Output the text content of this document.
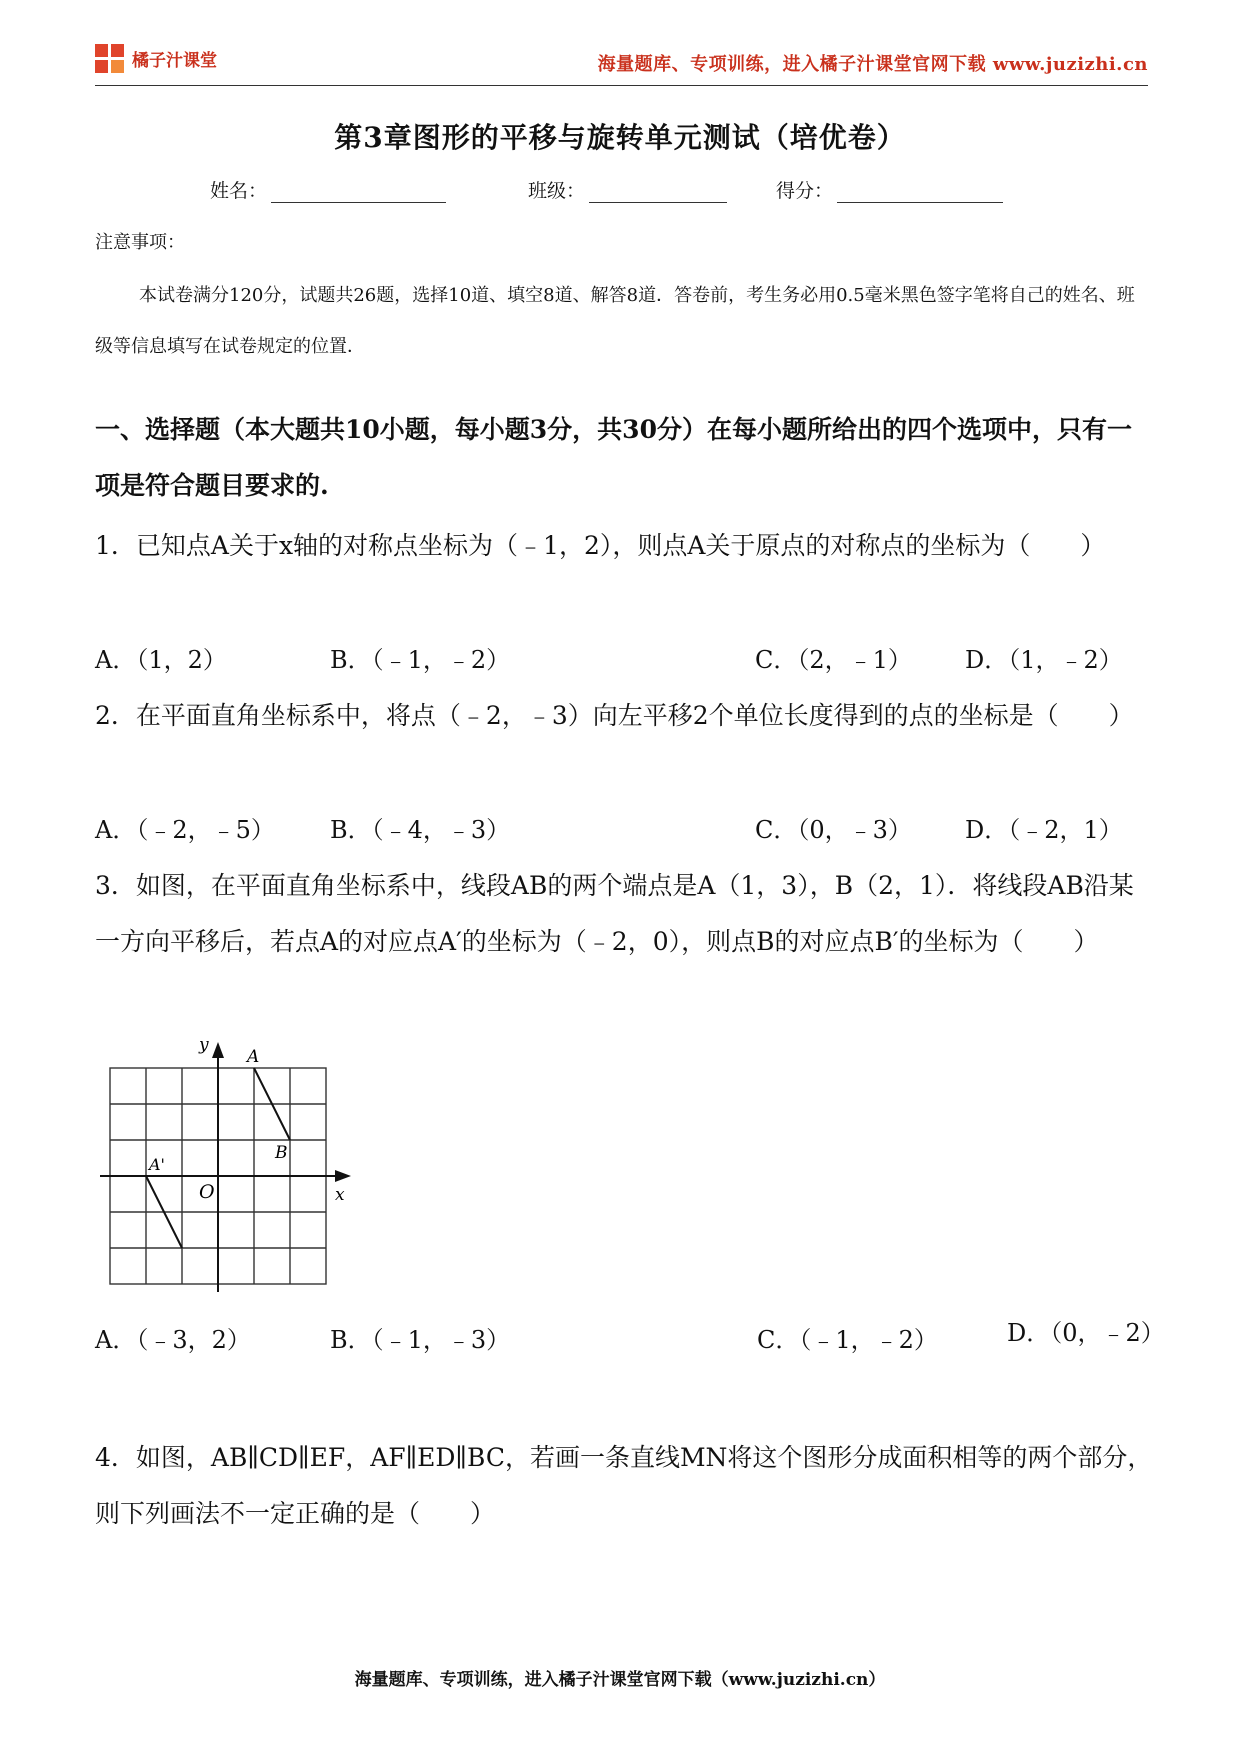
橘子汁课堂	海量题库、专项训练，进入橘子汁课堂官网下载 www.juzizhi.cn
第3章图形的平移与旋转单元测试（培优卷）
姓名：	班级：	得分：
注意事项：
本试卷满分120分，试题共26题，选择10道、填空8道、解答8道．答卷前，考生务必用0.5毫米黑色签字笔将自己的姓名、班级等信息填写在试卷规定的位置．
一、选择题（本大题共10小题，每小题3分，共30分）在每小题所给出的四个选项中，只有一项是符合题目要求的.
1．已知点A关于x轴的对称点坐标为（﹣1，2），则点A关于原点的对称点的坐标为（　　）
A．（1，2）	B．（﹣1，﹣2）	C．（2，﹣1） D．（1，﹣2）
2．在平面直角坐标系中，将点（﹣2，﹣3）向左平移2个单位长度得到的点的坐标是（　　）
A．（﹣2，﹣5） B．（﹣4，﹣3）	C．（0，﹣3） D．（﹣2，1）
3．如图，在平面直角坐标系中，线段AB的两个端点是A（1，3），B（2，1）．将线段AB沿某一方向平移后，若点A的对应点A′的坐标为（﹣2，0），则点B的对应点B′的坐标为（　　）
y
x
O
A
B
A'
A．（﹣3，2）	B．（﹣1，﹣3）	C．（﹣1，﹣2）	D．（0，﹣2）
4．如图，AB∥CD∥EF，AF∥ED∥BC，若画一条直线MN将这个图形分成面积相等的两个部分，则下列画法不一定正确的是（　　）
海量题库、专项训练，进入橘子汁课堂官网下载（www.juzizhi.cn）
